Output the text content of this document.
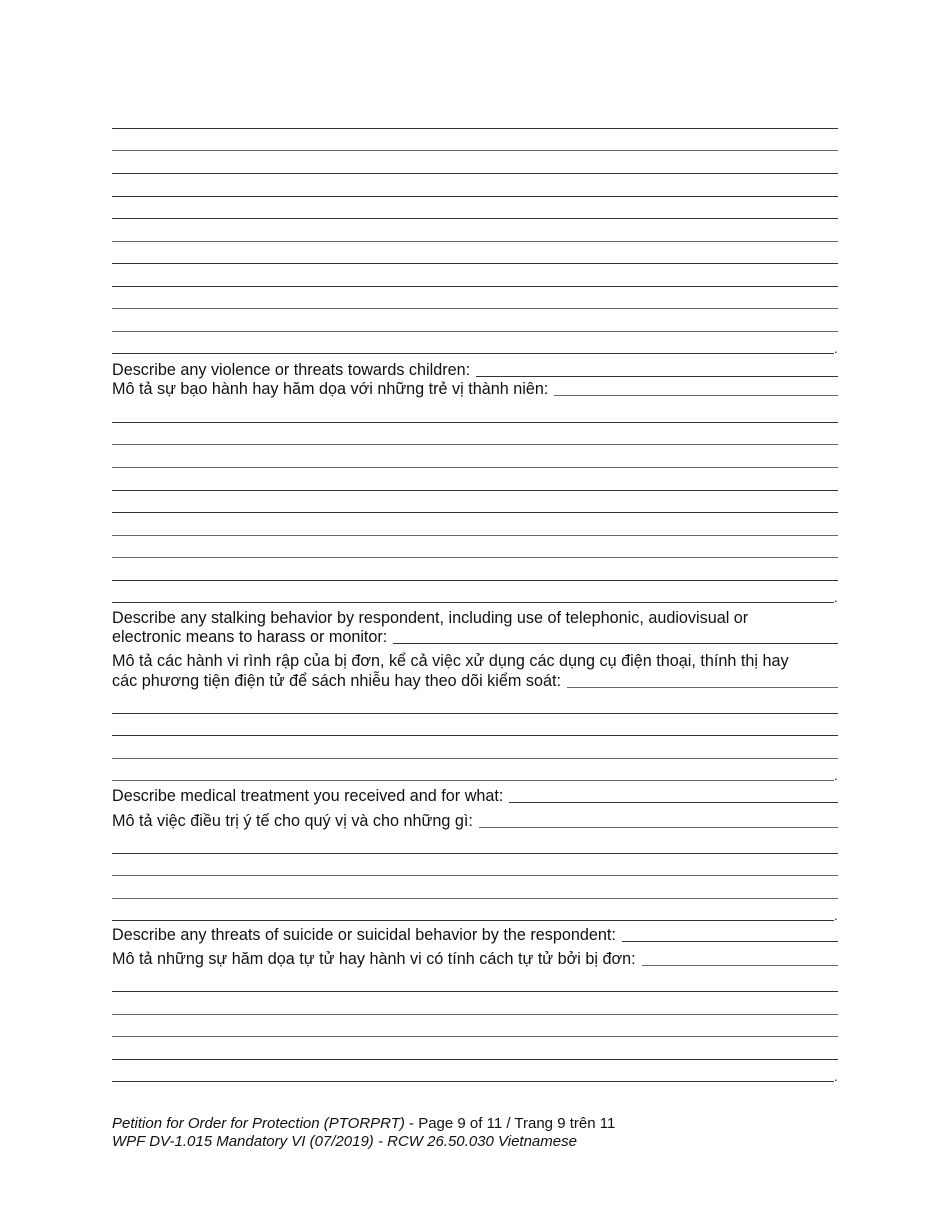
.
Describe any violence or threats towards children:
Mô tả sự bạo hành hay hăm dọa với những trẻ vị thành niên:
.
Describe any stalking behavior by respondent, including use of telephonic, audiovisual or
electronic means to harass or monitor:
Mô tả các hành vi rình rập của bị đơn, kể cả việc xử dụng các dụng cụ điện thoại, thính thị hay
các phương tiện điện tử để sách nhiễu hay theo dõi kiểm soát:
.
Describe medical treatment you received and for what:
Mô tả việc điều trị ý tế cho quý vị và cho những gì:
.
Describe any threats of suicide or suicidal behavior by the respondent:
Mô tả những sự hăm dọa tự tử hay hành vi có tính cách tự tử bởi bị đơn:
.
Petition for Order for Protection (PTORPRT) - Page 9 of 11 / Trang 9 trên 11
WPF DV-1.015 Mandatory VI (07/2019) - RCW 26.50.030 Vietnamese
